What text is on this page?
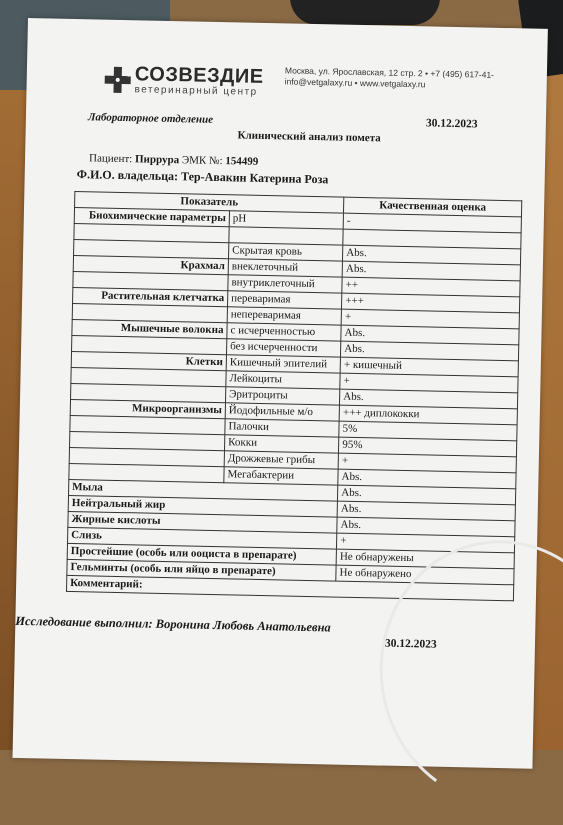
СОЗВЕЗДИЕ
ветеринарный центр
Москва, ул. Ярославская, 12 стр. 2 • +7 (495) 617-41-
info@vetgalaxy.ru • www.vetgalaxy.ru
Лабораторное отделение	30.12.2023
Клинический анализ помета
Пациент: Пиррура ЭМК №: 154499
Ф.И.О. владельца: Тер-Авакин Катерина Роза
Показатель		Качественная оценка
Биохимические параметры	pH	-

	Скрытая кровь	Abs.
Крахмал	внеклеточный	Abs.
	внутриклеточный	++
Растительная клетчатка	переваримая	+++
	непереваримая	+
Мышечные волокна	с исчерченностью	Abs.
	без исчерченности	Abs.
Клетки	Кишечный эпителий	+ кишечный
	Лейкоциты	+
	Эритроциты	Abs.
Микроорганизмы	Йодофильные м/о	+++ диплококки
	Палочки	5%
	Кокки	95%
	Дрожжевые грибы	+
	Мегабактерии	Abs.
Мыла		Abs.
Нейтральный жир		Abs.
Жирные кислоты		Abs.
Слизь		+
Простейшие (особь или ооциста в препарате)		Не обнаружены
Гельминты (особь или яйцо в препарате)		Не обнаружено
Комментарий:		
Исследование выполнил: Воронина Любовь Анатольевна
30.12.2023
